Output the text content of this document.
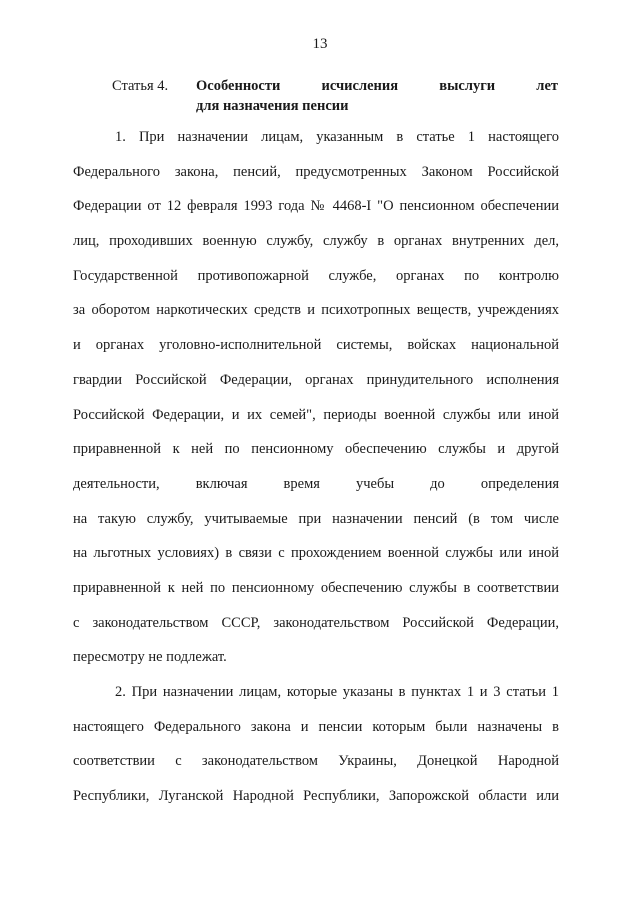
13
Статья 4. Особенности исчисления выслуги лет
для назначения пенсии
1. При назначении лицам, указанным в статье 1 настоящего
Федерального закона, пенсий, предусмотренных Законом Российской
Федерации от 12 февраля 1993 года № 4468-I "О пенсионном обеспечении
лиц, проходивших военную службу, службу в органах внутренних дел,
Государственной противопожарной службе, органах по контролю
за оборотом наркотических средств и психотропных веществ, учреждениях
и органах уголовно-исполнительной системы, войсках национальной
гвардии Российской Федерации, органах принудительного исполнения
Российской Федерации, и их семей", периоды военной службы или иной
приравненной к ней по пенсионному обеспечению службы и другой
деятельности, включая время учебы до определения
на такую службу, учитываемые при назначении пенсий (в том числе
на льготных условиях) в связи с прохождением военной службы или иной
приравненной к ней по пенсионному обеспечению службы в соответствии
с законодательством СССР, законодательством Российской Федерации,
пересмотру не подлежат.
2. При назначении лицам, которые указаны в пунктах 1 и 3 статьи 1
настоящего Федерального закона и пенсии которым были назначены в
соответствии с законодательством Украины, Донецкой Народной
Республики, Луганской Народной Республики, Запорожской области или
